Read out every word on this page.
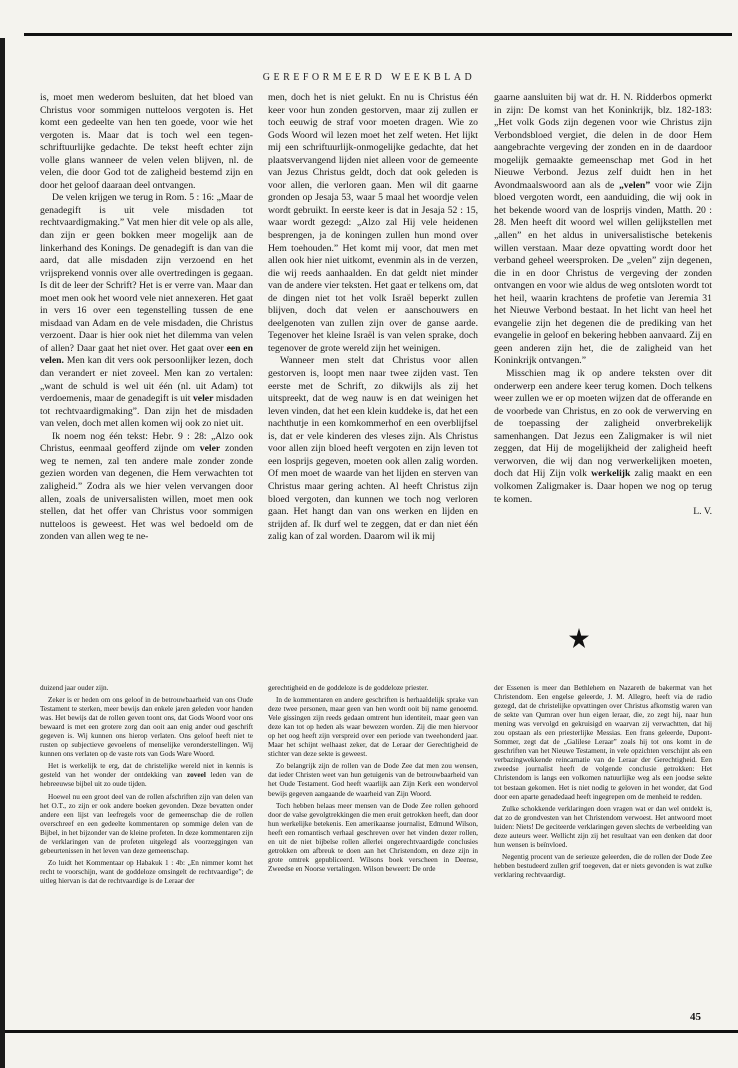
GEREFORMEERD WEEKBLAD

is, moet men wederom besluiten, dat het bloed van Christus voor sommigen nutteloos vergoten is. Het komt een gedeelte van hen ten goede, voor wie het vergoten is. Maar dat is toch wel een tegen-schriftuurlijke gedachte. De tekst heeft echter zijn volle glans wanneer de velen velen blijven, nl. de velen, die door God tot de zaligheid bestemd zijn en door het geloof daaraan deel ontvangen.

De velen krijgen we terug in Rom. 5 : 16: „Maar de genadegift is uit vele misdaden tot rechtvaardigmaking.” Vat men hier dit vele op als alle, dan zijn er geen bokken meer mogelijk aan de linkerhand des Konings. De genadegift is dan van die aard, dat alle misdaden zijn verzoend en het vrijsprekend vonnis over alle overtredingen is gegaan. Is dit de leer der Schrift? Het is er verre van. Maar dan moet men ook het woord vele niet annexeren. Het gaat in vers 16 over een tegenstelling tussen de ene misdaad van Adam en de vele misdaden, die Christus verzoent. Daar is hier ook niet het dilemma van velen of allen? Daar gaat het niet over. Het gaat over een en velen. Men kan dit vers ook persoonlijker lezen, doch dan verandert er niet zoveel. Men kan zo vertalen: „want de schuld is wel uit één (nl. uit Adam) tot verdoemenis, maar de genadegift is uit veler misdaden tot rechtvaardigmaking”. Dan zijn het de misdaden van velen, doch met allen komen wij ook zo niet uit.

Ik noem nog één tekst: Hebr. 9 : 28: „Alzo ook Christus, eenmaal geofferd zijnde om veler zonden weg te nemen, zal ten andere male zonder zonde gezien worden van degenen, die Hem verwachten tot zaligheid.” Zodra als we hier velen vervangen door allen, zoals de universalisten willen, moet men ook stellen, dat het offer van Christus voor sommigen nutteloos is geweest. Het was wel bedoeld om de zonden van allen weg te ne-

men, doch het is niet gelukt. En nu is Christus één keer voor hun zonden gestorven, maar zij zullen er toch eeuwig de straf voor moeten dragen. Wie zo Gods Woord wil lezen moet het zelf weten. Het lijkt mij een schriftuurlijk-onmogelijke gedachte, dat het plaatsvervangend lijden niet alleen voor de gemeente van Jezus Christus geldt, doch dat ook geleden is voor allen, die verloren gaan. Men wil dit gaarne gronden op Jesaja 53, waar 5 maal het woordje velen wordt gebruikt. In eerste keer is dat in Jesaja 52 : 15, waar wordt gezegd: „Alzo zal Hij vele heidenen besprengen, ja de koningen zullen hun mond over Hem toehouden.” Het komt mij voor, dat men met allen ook hier niet uitkomt, evenmin als in de verzen, die wij reeds aanhaalden. En dat geldt niet minder van de andere vier teksten. Het gaat er telkens om, dat de dingen niet tot het volk Israël beperkt zullen blijven, doch dat velen er aanschouwers en deelgenoten van zullen zijn over de ganse aarde. Tegenover het kleine Israël is van velen sprake, doch tegenover de grote wereld zijn het weinigen.

Wanneer men stelt dat Christus voor allen gestorven is, loopt men naar twee zijden vast. Ten eerste met de Schrift, zo dikwijls als zij het uitspreekt, dat de weg nauw is en dat weinigen het leven vinden, dat het een klein kuddeke is, dat het een nachthutje in een komkommerhof en een overblijfsel is, dat er vele kinderen des vleses zijn. Als Christus voor allen zijn bloed heeft vergoten en zijn leven tot een losprijs gegeven, moeten ook allen zalig worden. Of men moet de waarde van het lijden en sterven van Christus maar gering achten. Al heeft Christus zijn bloed vergoten, dan kunnen we toch nog verloren gaan. Het hangt dan van ons werken en lijden en strijden af. Ik durf wel te zeggen, dat er dan niet één zalig kan of zal worden. Daarom wil ik mij

gaarne aansluiten bij wat dr. H. N. Ridderbos opmerkt in zijn: De komst van het Koninkrijk, blz. 182-183: „Het volk Gods zijn degenen voor wie Christus zijn Verbondsbloed vergiet, die delen in de door Hem aangebrachte vergeving der zonden en in de daardoor mogelijk gemaakte gemeenschap met God in het Nieuwe Verbond. Jezus zelf duidt hen in het Avondmaalswoord aan als de „velen” voor wie Zijn bloed vergoten wordt, een aanduiding, die wij ook in het bekende woord van de losprijs vinden, Matth. 20 : 28. Men heeft dit woord wel willen gelijkstellen met „allen” en het aldus in universalistische betekenis willen verstaan. Maar deze opvatting wordt door het verband geheel weersproken. De „velen” zijn degenen, die in en door Christus de vergeving der zonden ontvangen en voor wie aldus de weg ontsloten wordt tot het heil, waarin krachtens de profetie van Jeremia 31 het Nieuwe Verbond bestaat. In het licht van heel het evangelie zijn het degenen die de prediking van het evangelie in geloof en bekering hebben aanvaard. Zij en geen anderen zijn het, die de zaligheid van het Koninkrijk ontvangen.”

Misschien mag ik op andere teksten over dit onderwerp een andere keer terug komen. Doch telkens weer zullen we er op moeten wijzen dat de offerande en de voorbede van Christus, en zo ook de verwerving en de toepassing der zaligheid onverbrekelijk samenhangen. Dat Jezus een Zaligmaker is wil niet zeggen, dat Hij de mogelijkheid der zaligheid heeft verworven, die wij dan nog verwerkelijken moeten, doch dat Hij Zijn volk werkelijk zalig maakt en een volkomen Zaligmaker is. Daar hopen we nog op terug te komen.

L. V.

duizend jaar ouder zijn.

Zeker is er heden om ons geloof in de betrouwbaarheid van ons Oude Testament te sterken, meer bewijs dan enkele jaren geleden voor handen was. Het bewijs dat de rollen geven toont ons, dat Gods Woord voor ons bewaard is met een grotere zorg dan ooit aan enig ander oud geschrift gegeven is. Wij kunnen ons hierop verlaten. Ons geloof heeft niet te rusten op subjectieve gevoelens of menselijke veronderstellingen. Wij kunnen ons verlaten op de vaste rots van Gods Ware Woord.

Het is werkelijk te erg, dat de christelijke wereld niet in kennis is gesteld van het wonder der ontdekking van zoveel leden van de hebreeuwse bijbel uit zo oude tijden.

Hoewel nu een groot deel van de rollen afschriften zijn van delen van het O.T., zo zijn er ook andere boeken gevonden. Deze bevatten onder andere een lijst van leefregels voor de gemeenschap die de rollen overschreef en een gedeelte kommentaren op sommige delen van de Bijbel, in het bijzonder van de kleine profeten. In deze kommentaren zijn de verklaringen van de profeten uitgelegd als voorzeggingen van gebeurtenissen in het leven van deze gemeenschap.

Zo luidt het Kommentaar op Habakuk 1 : 4b: „En nimmer komt het recht te voorschijn, want de goddeloze omsingelt de rechtvaardige”; de uitleg hiervan is dat de rechtvaardige is de Leraar der

gerechtigheid en de goddeloze is de goddeloze priester.

In de kommentaren en andere geschriften is herhaaldelijk sprake van deze twee personen, maar geen van hen wordt ooit bij name genoemd. Vele gissingen zijn reeds gedaan omtrent hun identiteit, maar geen van deze kan tot op heden als waar bewezen worden. Zij die men hiervoor op het oog heeft zijn verspreid over een periode van tweehonderd jaar. Maar het schijnt welhaast zeker, dat de Leraar der Gerechtigheid de stichter van deze sekte is geweest.

Zo belangrijk zijn de rollen van de Dode Zee dat men zou wensen, dat ieder Christen weet van hun getuigenis van de betrouwbaarheid van het Oude Testament. God heeft waarlijk aan Zijn Kerk een wondervol bewijs gegeven aangaande de waarheid van Zijn Woord.

Toch hebben helaas meer mensen van de Dode Zee rollen gehoord door de valse gevolgtrekkingen die men eruit getrokken heeft, dan door hun werkelijke betekenis. Een amerikaanse journalist, Edmund Wilson, heeft een romantisch verhaal geschreven over het vinden dezer rollen, en uit de niet bijbelse rollen allerlei ongerechtvaardigde conclusies getrokken om afbreuk te doen aan het Christendom, en deze zijn in grote omtrek gepubliceerd. Wilsons boek verscheen in Deense, Zweedse en Noorse vertalingen. Wilson beweert: De orde

der Essenen is meer dan Bethlehem en Nazareth de bakermat van het Christendom. Een engelse geleerde, J. M. Allegro, heeft via de radio gezegd, dat de christelijke opvattingen over Christus afkomstig waren van de sekte van Qumran over hun eigen leraar, die, zo zegt hij, naar hun mening was vervolgd en gekruisigd en waarvan zij verwachtten, dat hij zou opstaan als een priesterlijke Messias. Een frans geleerde, Dupont-Sommer, zegt dat de „Galilese Leraar” zoals hij tot ons komt in de geschriften van het Nieuwe Testament, in vele opzichten verschijnt als een verbazingwekkende reincarnatie van de Leraar der Gerechtigheid. Een zweedse journalist heeft de volgende conclusie getrokken: Het Christendom is langs een volkomen natuurlijke weg als een joodse sekte tot bestaan gekomen. Het is niet nodig te geloven in het wonder, dat God door een aparte genadedaad heeft ingegrepen om de menheid te redden.

Zulke schokkende verklaringen doen vragen wat er dan wel ontdekt is, dat zo de grondvesten van het Christendom verwoest. Het antwoord moet luiden: Niets! De geciteerde verklaringen geven slechts de verbeelding van deze auteurs weer. Wellicht zijn zij het resultaat van een denken dat door hun wensen is beïnvloed.

Negentig procent van de serieuze geleerden, die de rollen der Dode Zee hebben bestudeerd zullen grif toegeven, dat er niets gevonden is wat zulke verklaring rechtvaardigt.

45
